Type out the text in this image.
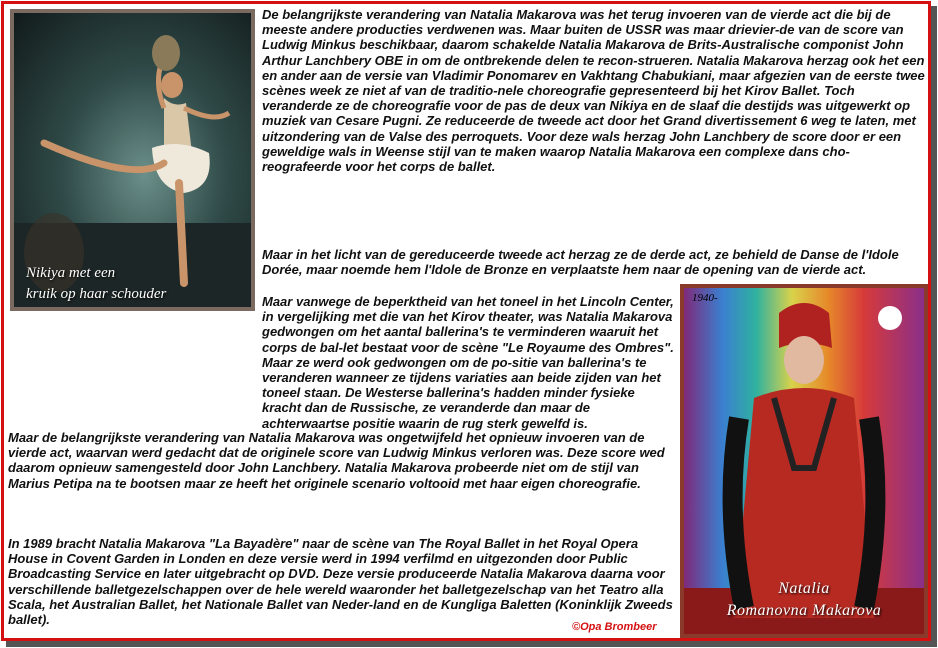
Nikiya met een
kruik op haar schouder

De belangrijkste verandering van Natalia Makarova was het terug invoeren van de vierde act die bij de meeste andere producties verdwenen was. Maar buiten de USSR was maar drievier-de van de score van Ludwig Minkus beschikbaar, daarom schakelde Natalia Makarova de Brits-Australische componist John Arthur Lanchbery OBE in om de ontbrekende delen te recon-strueren. Natalia Makarova herzag ook het een en ander aan de versie van Vladimir Ponomarev en Vakhtang Chabukiani, maar afgezien van de eerste twee scènes week ze niet af van de traditio-nele choreografie gepresenteerd bij het Kirov Ballet. Toch veranderde ze de choreografie voor de pas de deux van Nikiya en de slaaf die destijds was uitgewerkt op muziek van Cesare Pugni. Ze reduceerde de tweede act door het Grand divertissement 6 weg te laten, met uitzondering van de Valse des perroquets. Voor deze wals herzag John Lanchbery de score door er een geweldige wals in Weense stijl van te maken waarop Natalia Makarova een complexe dans cho-reografeerde voor het corps de ballet.

Maar in het licht van de gereduceerde tweede act herzag ze de derde act, ze behield de Danse de l'Idole Dorée, maar noemde hem l'Idole de Bronze en verplaatste hem naar de opening van de vierde act.

Maar vanwege de beperktheid van het toneel in het Lincoln Center, in vergelijking met die van het Kirov theater, was Natalia Makarova gedwongen om het aantal ballerina's te verminderen waaruit het corps de bal-let bestaat voor de scène "Le Royaume des Ombres". Maar ze werd ook gedwongen om de po-sitie van ballerina's te veranderen wanneer ze tijdens variaties aan beide zijden van het toneel staan. De Westerse ballerina's hadden minder fysieke kracht dan de Russische, ze veranderde dan maar de achterwaartse positie waarin de rug sterk gewelfd is.

Maar de belangrijkste verandering van Natalia Makarova was ongetwijfeld het opnieuw invoeren van de vierde act, waarvan werd gedacht dat de originele score van Ludwig Minkus verloren was. Deze score wed daarom opnieuw samengesteld door John Lanchbery. Natalia Makarova probeerde niet om de stijl van Marius Petipa na te bootsen maar ze heeft het originele scenario voltooid met haar eigen choreografie.

In 1989 bracht Natalia Makarova "La Bayadère" naar de scène van The Royal Ballet in het Royal Opera House in Covent Garden in Londen en deze versie werd in 1994 verfilmd en uitgezonden door Public Broadcasting Service en later uitgebracht op DVD. Deze versie produceerde Natalia Makarova daarna voor verschillende balletgezelschappen over de hele wereld waaronder het balletgezelschap van het Teatro alla Scala, het Australian Ballet, het Nationale Ballet van Neder-land en de Kungliga Baletten (Koninklijk Zweeds ballet).

1940-
Natalia
Romanovna Makarova
©Opa Brombeer
